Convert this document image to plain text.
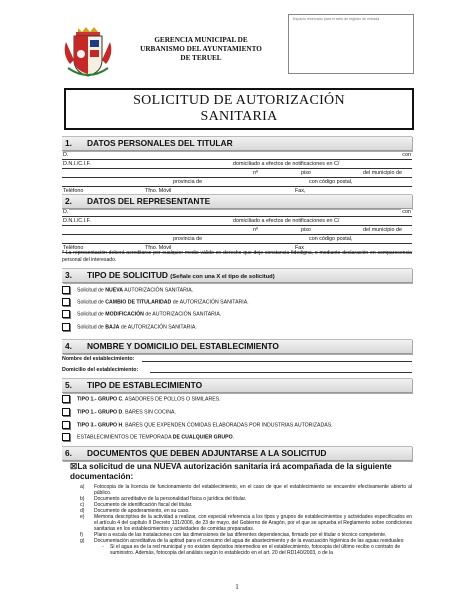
Espacio reservado para el sello de registro de entrada
GERENCIA MUNICIPAL DE
URBANISMO DEL AYUNTAMIENTO
DE TERUEL
SOLICITUD DE AUTORIZACIÓN
SANITARIA
1. DATOS PERSONALES DEL TITULAR
D.	con
D.N.I./C.I.F.	domiciliado a efectos de notificaciones en C/
nº	piso	del municipio de
provincia de	con código postal,
Teléfono	Tfno. Móvil	Fax,
2. DATOS DEL REPRESENTANTE
D.	con
D.N.I./C.I.F.	domiciliado a efectos de notificaciones en C/
nº	piso	del municipio de
provincia de	con código postal,
Teléfono	Tfno. Móvil	Fax
* La representación deberá acreditarse por cualquier medio válido en derecho que deje constancia fidedigna, o mediante declaración en comparecencia personal del interesado.
3. TIPO DE SOLICITUD (Señale con una X el tipo de solicitud)
Solicitud de NUEVA AUTORIZACIÓN SANITARIA.
Solicitud de CAMBIO DE TITULARIDAD de AUTORIZACIÓN SANITARIA.
Solicitud de MODIFICACIÓN de AUTORIZACIÓN SANITARIA.
Solicitud de BAJA de AUTORIZACIÓN SANITARIA.
4. NOMBRE Y DOMICILIO DEL ESTABLECIMIENTO
Nombre del establecimiento:
Domicilio del establecimiento:
5. TIPO DE ESTABLECIMIENTO
TIPO 1.- GRUPO C. ASADORES DE POLLOS O SIMILARES.
TIPO 1.- GRUPO D. BARES SIN COCINA.
TIPO 3.- GRUPO H. BARES QUE EXPENDEN COMIDAS ELABORADAS POR INDUSTRIAS AUTORIZADAS.
ESTABLECIMIENTOS DE TEMPORADA DE CUALQUIER GRUPO.
6. DOCUMENTOS QUE DEBEN ADJUNTARSE A LA SOLICITUD
☒La solicitud de una NUEVA autorización sanitaria irá acompañada de la siguiente documentación:
a)	Fotocopia de la licencia de funcionamiento del establecimiento, en el caso de que el establecimiento se encuentre efectivamente abierto al público.
b)	Documento acreditativo de la personalidad física o jurídica del titular.
c)	Documento de identificación fiscal del titular.
d)	Documento de apoderamiento, en su caso.
e)	Memoria descriptiva de la actividad a realizar, con especial referencia a los tipos y grupos de establecimientos y actividades especificados en el artículo 4 del capítulo II Decreto 131/2006, de 23 de mayo, del Gobierno de Aragón, por el que se aprueba el Reglamento sobre condiciones sanitarias en los establecimientos y actividades de comidas preparadas.
f)	Plano a escala de las instalaciones con las dimensiones de las diferentes dependencias, firmado por el titular o técnico competente.
g)	Documentación acreditativa de la aptitud para el consumo del agua de abastecimiento y de la evacuación higiénica de las aguas residuales:
-	Si el agua es de la red municipal y no existen depósitos intermedios en el establecimiento, fotocopia del último recibo o contrato de suministro. Además, fotocopia del análisis según lo establecido en el art. 20 del RD140/2003, o de la
1
